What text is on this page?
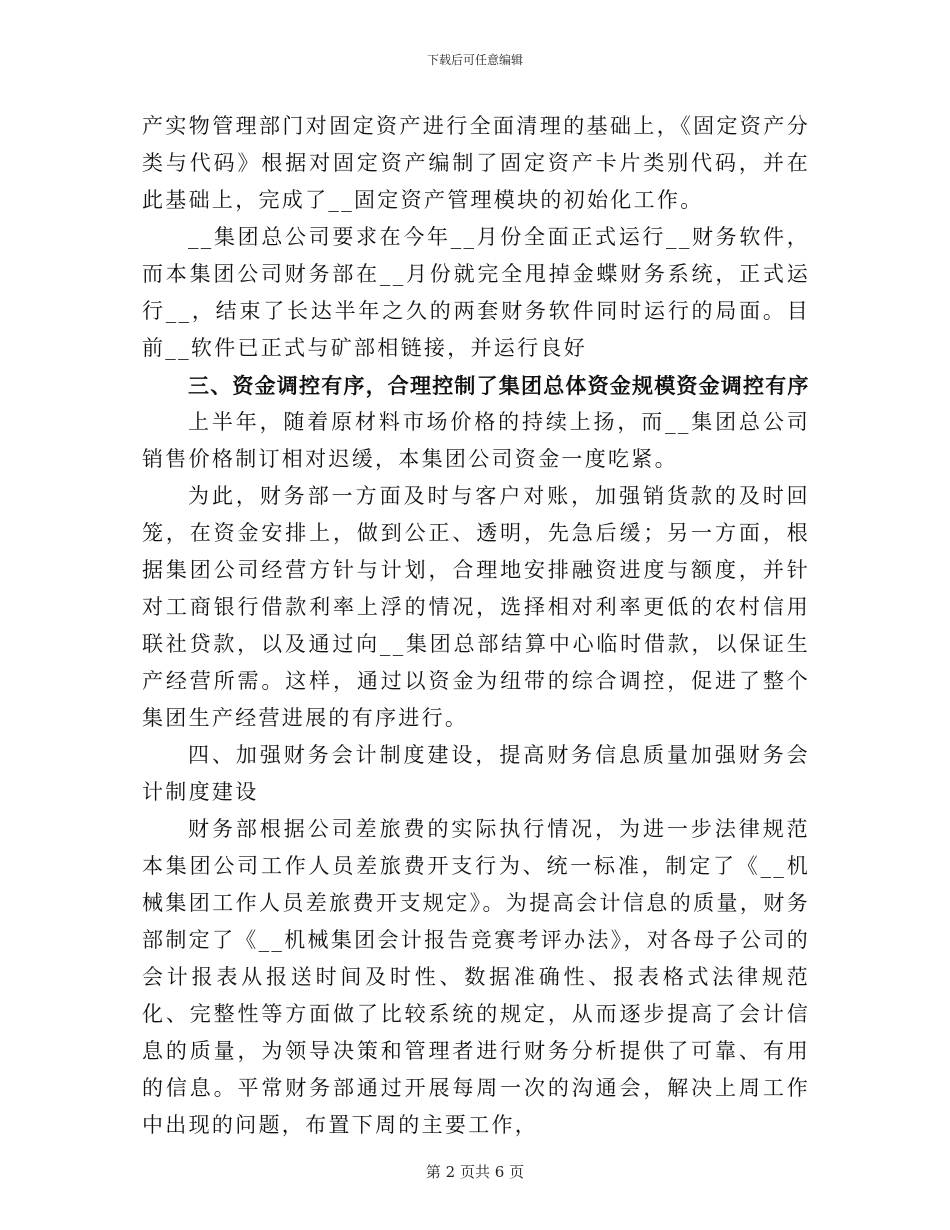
下载后可任意编辑

产实物管理部门对固定资产进行全面清理的基础上，《固定资产分类与代码》根据对固定资产编制了固定资产卡片类别代码，并在此基础上，完成了__固定资产管理模块的初始化工作。

__集团总公司要求在今年__月份全面正式运行__财务软件，而本集团公司财务部在__月份就完全甩掉金蝶财务系统，正式运行__，结束了长达半年之久的两套财务软件同时运行的局面。目前__软件已正式与矿部相链接，并运行良好

三、资金调控有序，合理控制了集团总体资金规模资金调控有序

上半年，随着原材料市场价格的持续上扬，而__集团总公司销售价格制订相对迟缓，本集团公司资金一度吃紧。

为此，财务部一方面及时与客户对账，加强销货款的及时回笼，在资金安排上，做到公正、透明，先急后缓；另一方面，根据集团公司经营方针与计划，合理地安排融资进度与额度，并针对工商银行借款利率上浮的情况，选择相对利率更低的农村信用联社贷款，以及通过向__集团总部结算中心临时借款，以保证生产经营所需。这样，通过以资金为纽带的综合调控，促进了整个集团生产经营进展的有序进行。

四、加强财务会计制度建设，提高财务信息质量加强财务会计制度建设

财务部根据公司差旅费的实际执行情况，为进一步法律规范本集团公司工作人员差旅费开支行为、统一标准，制定了《__机械集团工作人员差旅费开支规定》。为提高会计信息的质量，财务部制定了《__机械集团会计报告竞赛考评办法》，对各母子公司的会计报表从报送时间及时性、数据准确性、报表格式法律规范化、完整性等方面做了比较系统的规定，从而逐步提高了会计信息的质量，为领导决策和管理者进行财务分析提供了可靠、有用的信息。平常财务部通过开展每周一次的沟通会，解决上周工作中出现的问题，布置下周的主要工作，

第 2 页共 6 页
